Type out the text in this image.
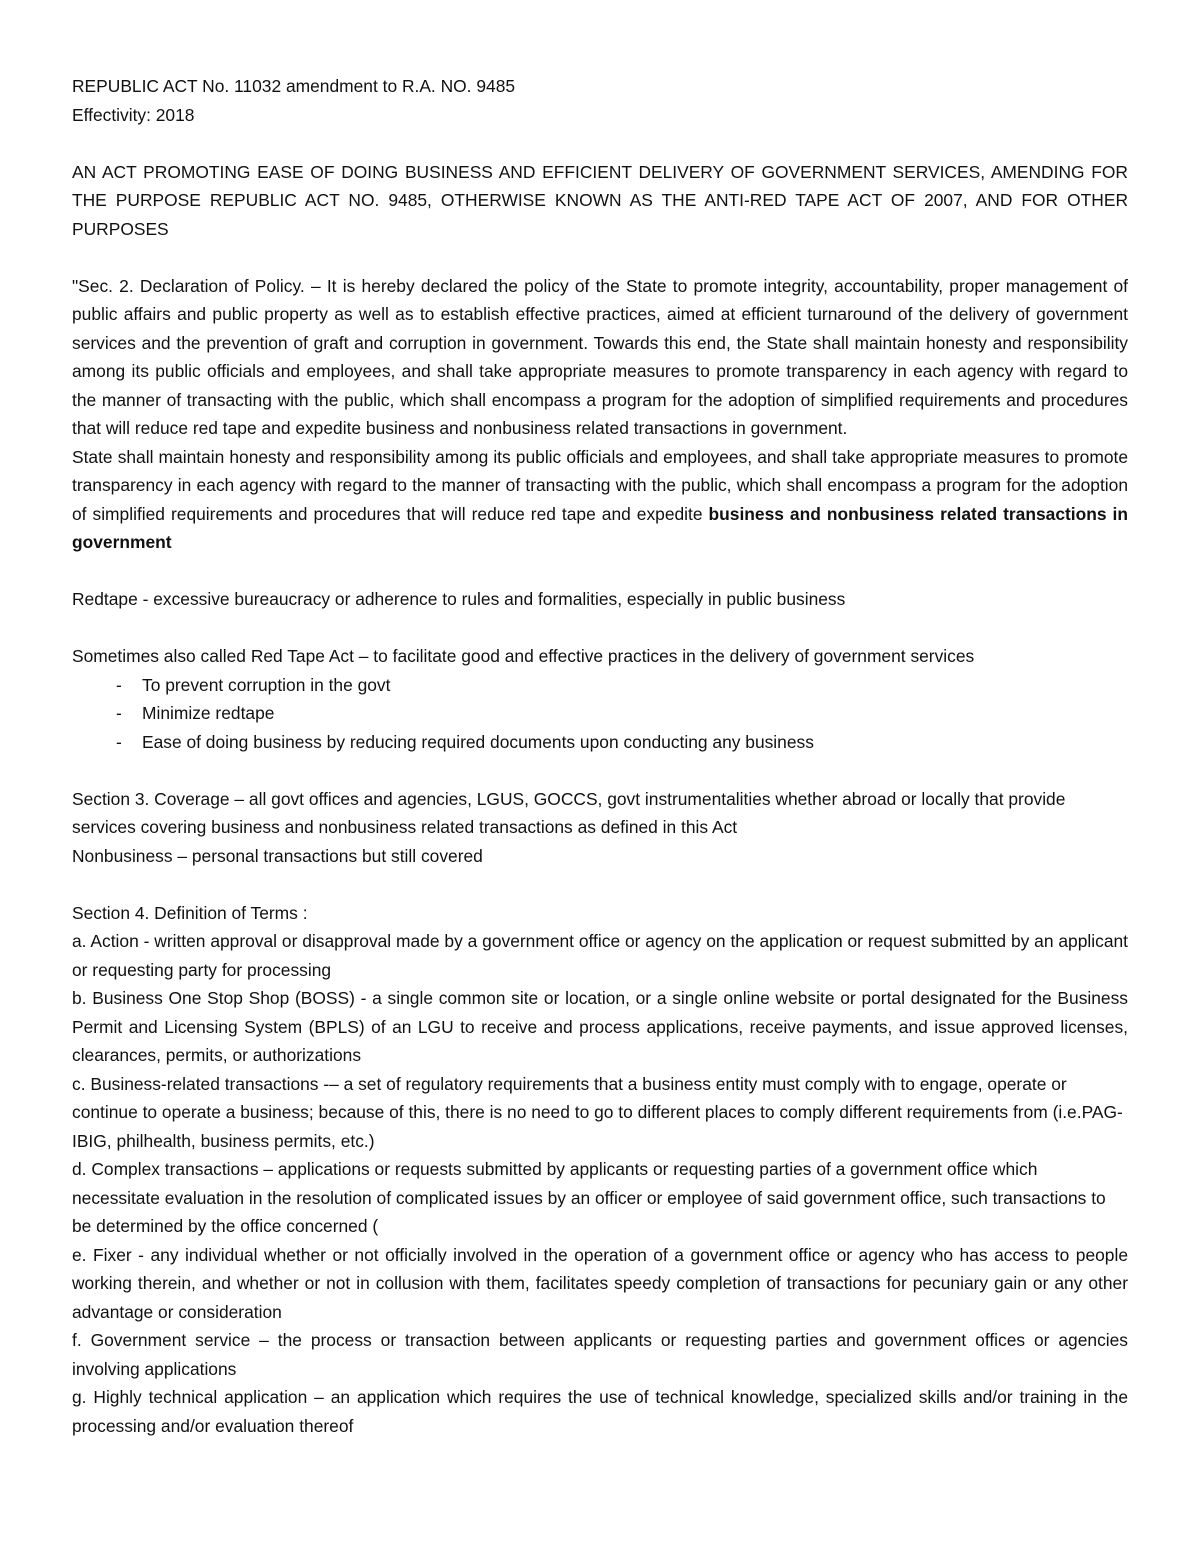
REPUBLIC ACT No. 11032 amendment to R.A. NO. 9485

Effectivity: 2018

AN ACT PROMOTING EASE OF DOING BUSINESS AND EFFICIENT DELIVERY OF GOVERNMENT SERVICES, AMENDING FOR THE PURPOSE REPUBLIC ACT NO. 9485, OTHERWISE KNOWN AS THE ANTI-RED TAPE ACT OF 2007, AND FOR OTHER PURPOSES

"Sec. 2. Declaration of Policy. – It is hereby declared the policy of the State to promote integrity, accountability, proper management of public affairs and public property as well as to establish effective practices, aimed at efficient turnaround of the delivery of government services and the prevention of graft and corruption in government. Towards this end, the State shall maintain honesty and responsibility among its public officials and employees, and shall take appropriate measures to promote transparency in each agency with regard to the manner of transacting with the public, which shall encompass a program for the adoption of simplified requirements and procedures that will reduce red tape and expedite business and nonbusiness related transactions in government.

State shall maintain honesty and responsibility among its public officials and employees, and shall take appropriate measures to promote transparency in each agency with regard to the manner of transacting with the public, which shall encompass a program for the adoption of simplified requirements and procedures that will reduce red tape and expedite business and nonbusiness related transactions in government

Redtape - excessive bureaucracy or adherence to rules and formalities, especially in public business

Sometimes also called Red Tape Act – to facilitate good and effective practices in the delivery of government services

- To prevent corruption in the govt
- Minimize redtape
- Ease of doing business by reducing required documents upon conducting any business

Section 3. Coverage – all govt offices and agencies, LGUS, GOCCS, govt instrumentalities whether abroad or locally that provide services covering business and nonbusiness related transactions as defined in this Act

Nonbusiness – personal transactions but still covered

Section 4. Definition of Terms :

a. Action - written approval or disapproval made by a government office or agency on the application or request submitted by an applicant or requesting party for processing

b. Business One Stop Shop (BOSS) - a single common site or location, or a single online website or portal designated for the Business Permit and Licensing System (BPLS) of an LGU to receive and process applications, receive payments, and issue approved licenses, clearances, permits, or authorizations

c. Business-related transactions -– a set of regulatory requirements that a business entity must comply with to engage, operate or continue to operate a business; because of this, there is no need to go to different places to comply different requirements from (i.e.PAG-IBIG, philhealth, business permits, etc.)

d. Complex transactions – applications or requests submitted by applicants or requesting parties of a government office which necessitate evaluation in the resolution of complicated issues by an officer or employee of said government office, such transactions to be determined by the office concerned (

e. Fixer - any individual whether or not officially involved in the operation of a government office or agency who has access to people working therein, and whether or not in collusion with them, facilitates speedy completion of transactions for pecuniary gain or any other advantage or consideration

f. Government service – the process or transaction between applicants or requesting parties and government offices or agencies involving applications

g. Highly technical application – an application which requires the use of technical knowledge, specialized skills and/or training in the processing and/or evaluation thereof
